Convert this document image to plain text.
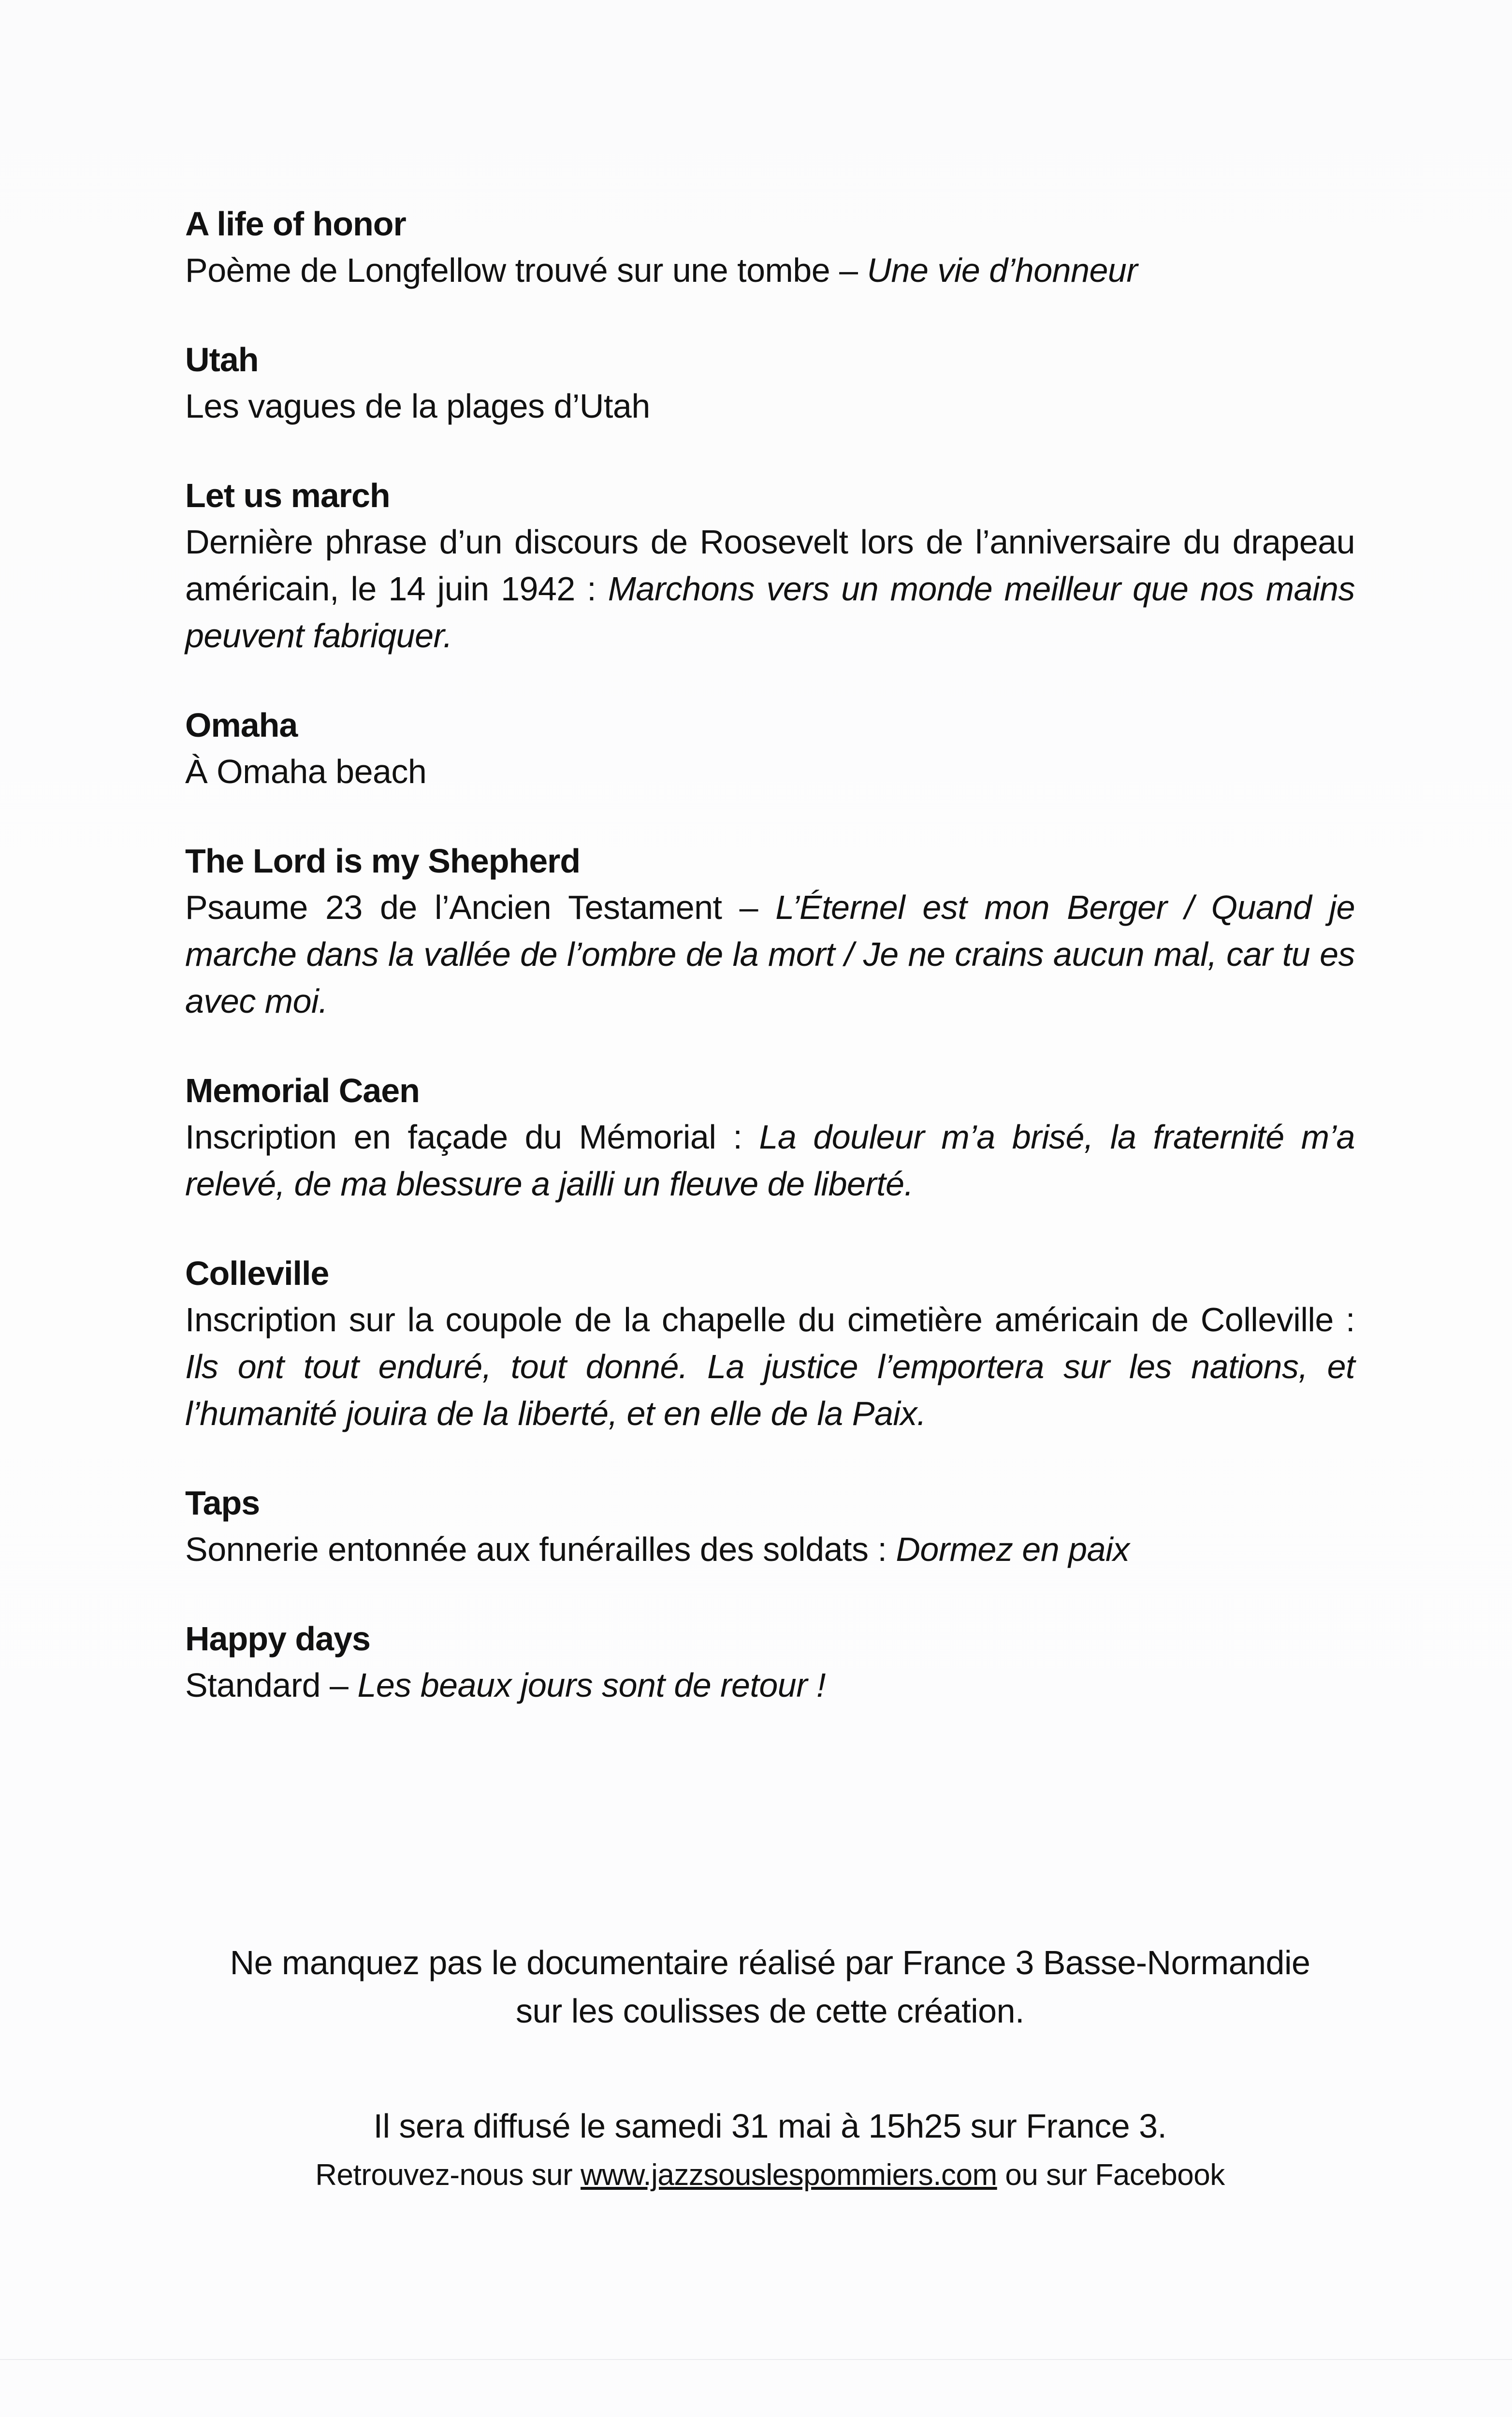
A life of honor
Poème de Longfellow trouvé sur une tombe – Une vie d’honneur
Utah
Les vagues de la plages d’Utah
Let us march
Dernière phrase d’un discours de Roosevelt lors de l’anniversaire du drapeau américain, le 14 juin 1942 : Marchons vers un monde meilleur que nos mains peuvent fabriquer.
Omaha
À Omaha beach
The Lord is my Shepherd
Psaume 23 de l’Ancien Testament – L’Éternel est mon Berger / Quand je marche dans la vallée de l’ombre de la mort / Je ne crains aucun mal, car tu es avec moi.
Memorial Caen
Inscription en façade du Mémorial : La douleur m’a brisé, la fraternité m’a relevé, de ma blessure a jailli un fleuve de liberté.
Colleville
Inscription sur la coupole de la chapelle du cimetière américain de Colleville : Ils ont tout enduré, tout donné. La justice l’emportera sur les nations, et l’humanité jouira de la liberté, et en elle de la Paix.
Taps
Sonnerie entonnée aux funérailles des soldats : Dormez en paix
Happy days
Standard – Les beaux jours sont de retour !
Ne manquez pas le documentaire réalisé par France 3 Basse-Normandie
sur les coulisses de cette création.
Il sera diffusé le samedi 31 mai à 15h25 sur France 3.
Retrouvez-nous sur www.jazzsouslespommiers.com ou sur Facebook
